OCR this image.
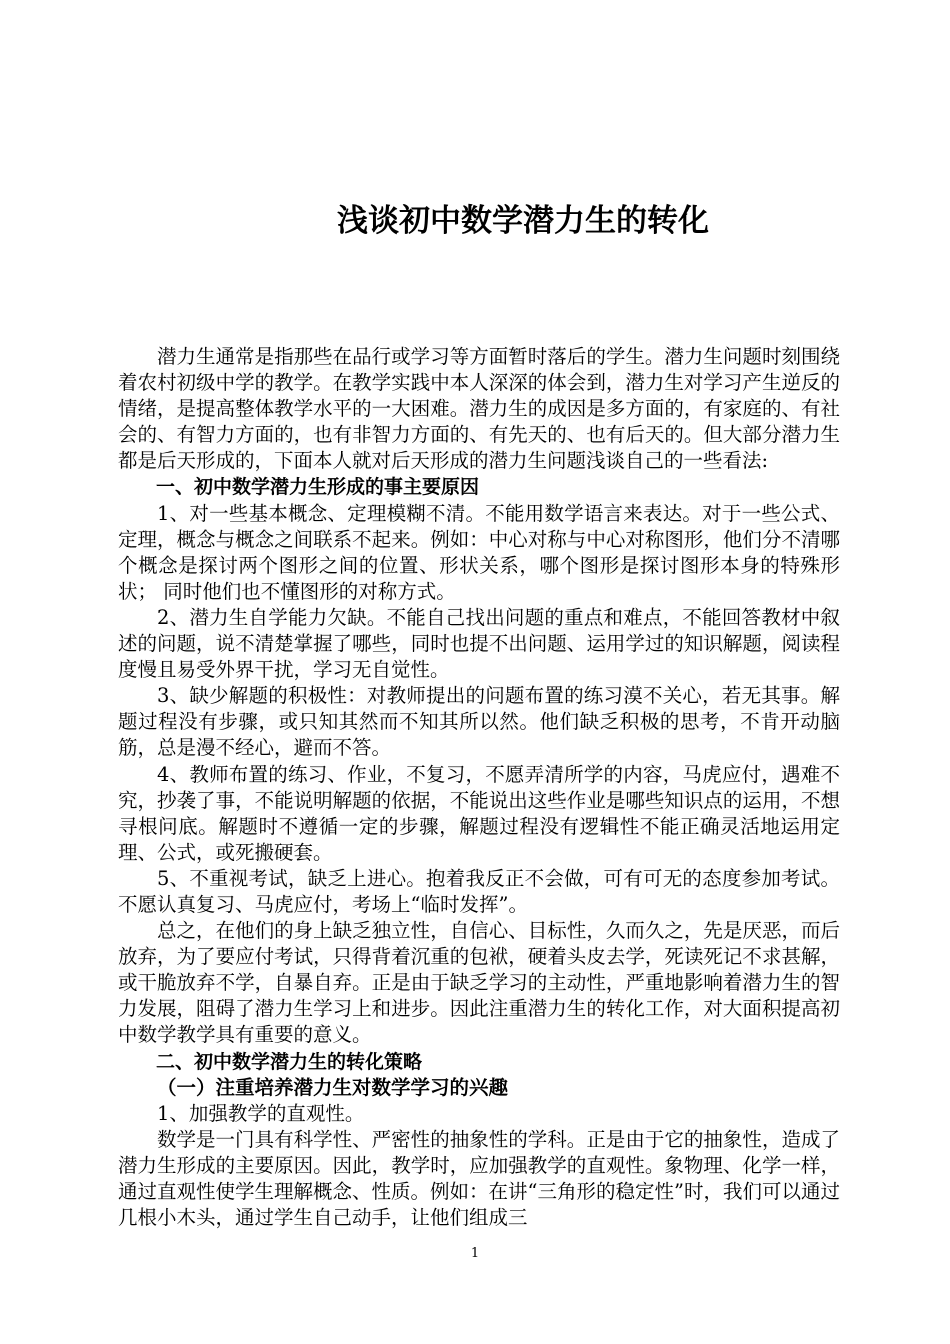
浅谈初中数学潜力生的转化

潜力生通常是指那些在品行或学习等方面暂时落后的学生。潜力生问题时刻围绕着农村初级中学的教学。在教学实践中本人深深的体会到，潜力生对学习产生逆反的情绪，是提高整体教学水平的一大困难。潜力生的成因是多方面的，有家庭的、有社会的、有智力方面的，也有非智力方面的、有先天的、也有后天的。但大部分潜力生都是后天形成的，下面本人就对后天形成的潜力生问题浅谈自己的一些看法:

一、初中数学潜力生形成的事主要原因

1、对一些基本概念、定理模糊不清。不能用数学语言来表达。对于一些公式、定理，概念与概念之间联系不起来。例如：中心对称与中心对称图形，他们分不清哪个概念是探讨两个图形之间的位置、形状关系，哪个图形是探讨图形本身的特殊形状； 同时他们也不懂图形的对称方式。

2、潜力生自学能力欠缺。不能自己找出问题的重点和难点，不能回答教材中叙述的问题，说不清楚掌握了哪些，同时也提不出问题、运用学过的知识解题，阅读程度慢且易受外界干扰，学习无自觉性。

3、缺少解题的积极性：对教师提出的问题布置的练习漠不关心，若无其事。解题过程没有步骤，或只知其然而不知其所以然。他们缺乏积极的思考，不肯开动脑筋，总是漫不经心，避而不答。

4、教师布置的练习、作业，不复习，不愿弄清所学的内容，马虎应付，遇难不究，抄袭了事，不能说明解题的依据，不能说出这些作业是哪些知识点的运用，不想寻根问底。解题时不遵循一定的步骤，解题过程没有逻辑性不能正确灵活地运用定理、公式，或死搬硬套。

5、不重视考试，缺乏上进心。抱着我反正不会做，可有可无的态度参加考试。不愿认真复习、马虎应付，考场上“临时发挥”。

总之，在他们的身上缺乏独立性，自信心、目标性，久而久之，先是厌恶，而后放弃，为了要应付考试，只得背着沉重的包袱，硬着头皮去学，死读死记不求甚解，或干脆放弃不学，自暴自弃。正是由于缺乏学习的主动性，严重地影响着潜力生的智力发展，阻碍了潜力生学习上和进步。因此注重潜力生的转化工作，对大面积提高初中数学教学具有重要的意义。

二、初中数学潜力生的转化策略

（一）注重培养潜力生对数学学习的兴趣

1、加强教学的直观性。

数学是一门具有科学性、严密性的抽象性的学科。正是由于它的抽象性，造成了潜力生形成的主要原因。因此，教学时，应加强教学的直观性。象物理、化学一样，通过直观性使学生理解概念、性质。例如：在讲“三角形的稳定性”时，我们可以通过几根小木头，通过学生自己动手，让他们组成三

1
